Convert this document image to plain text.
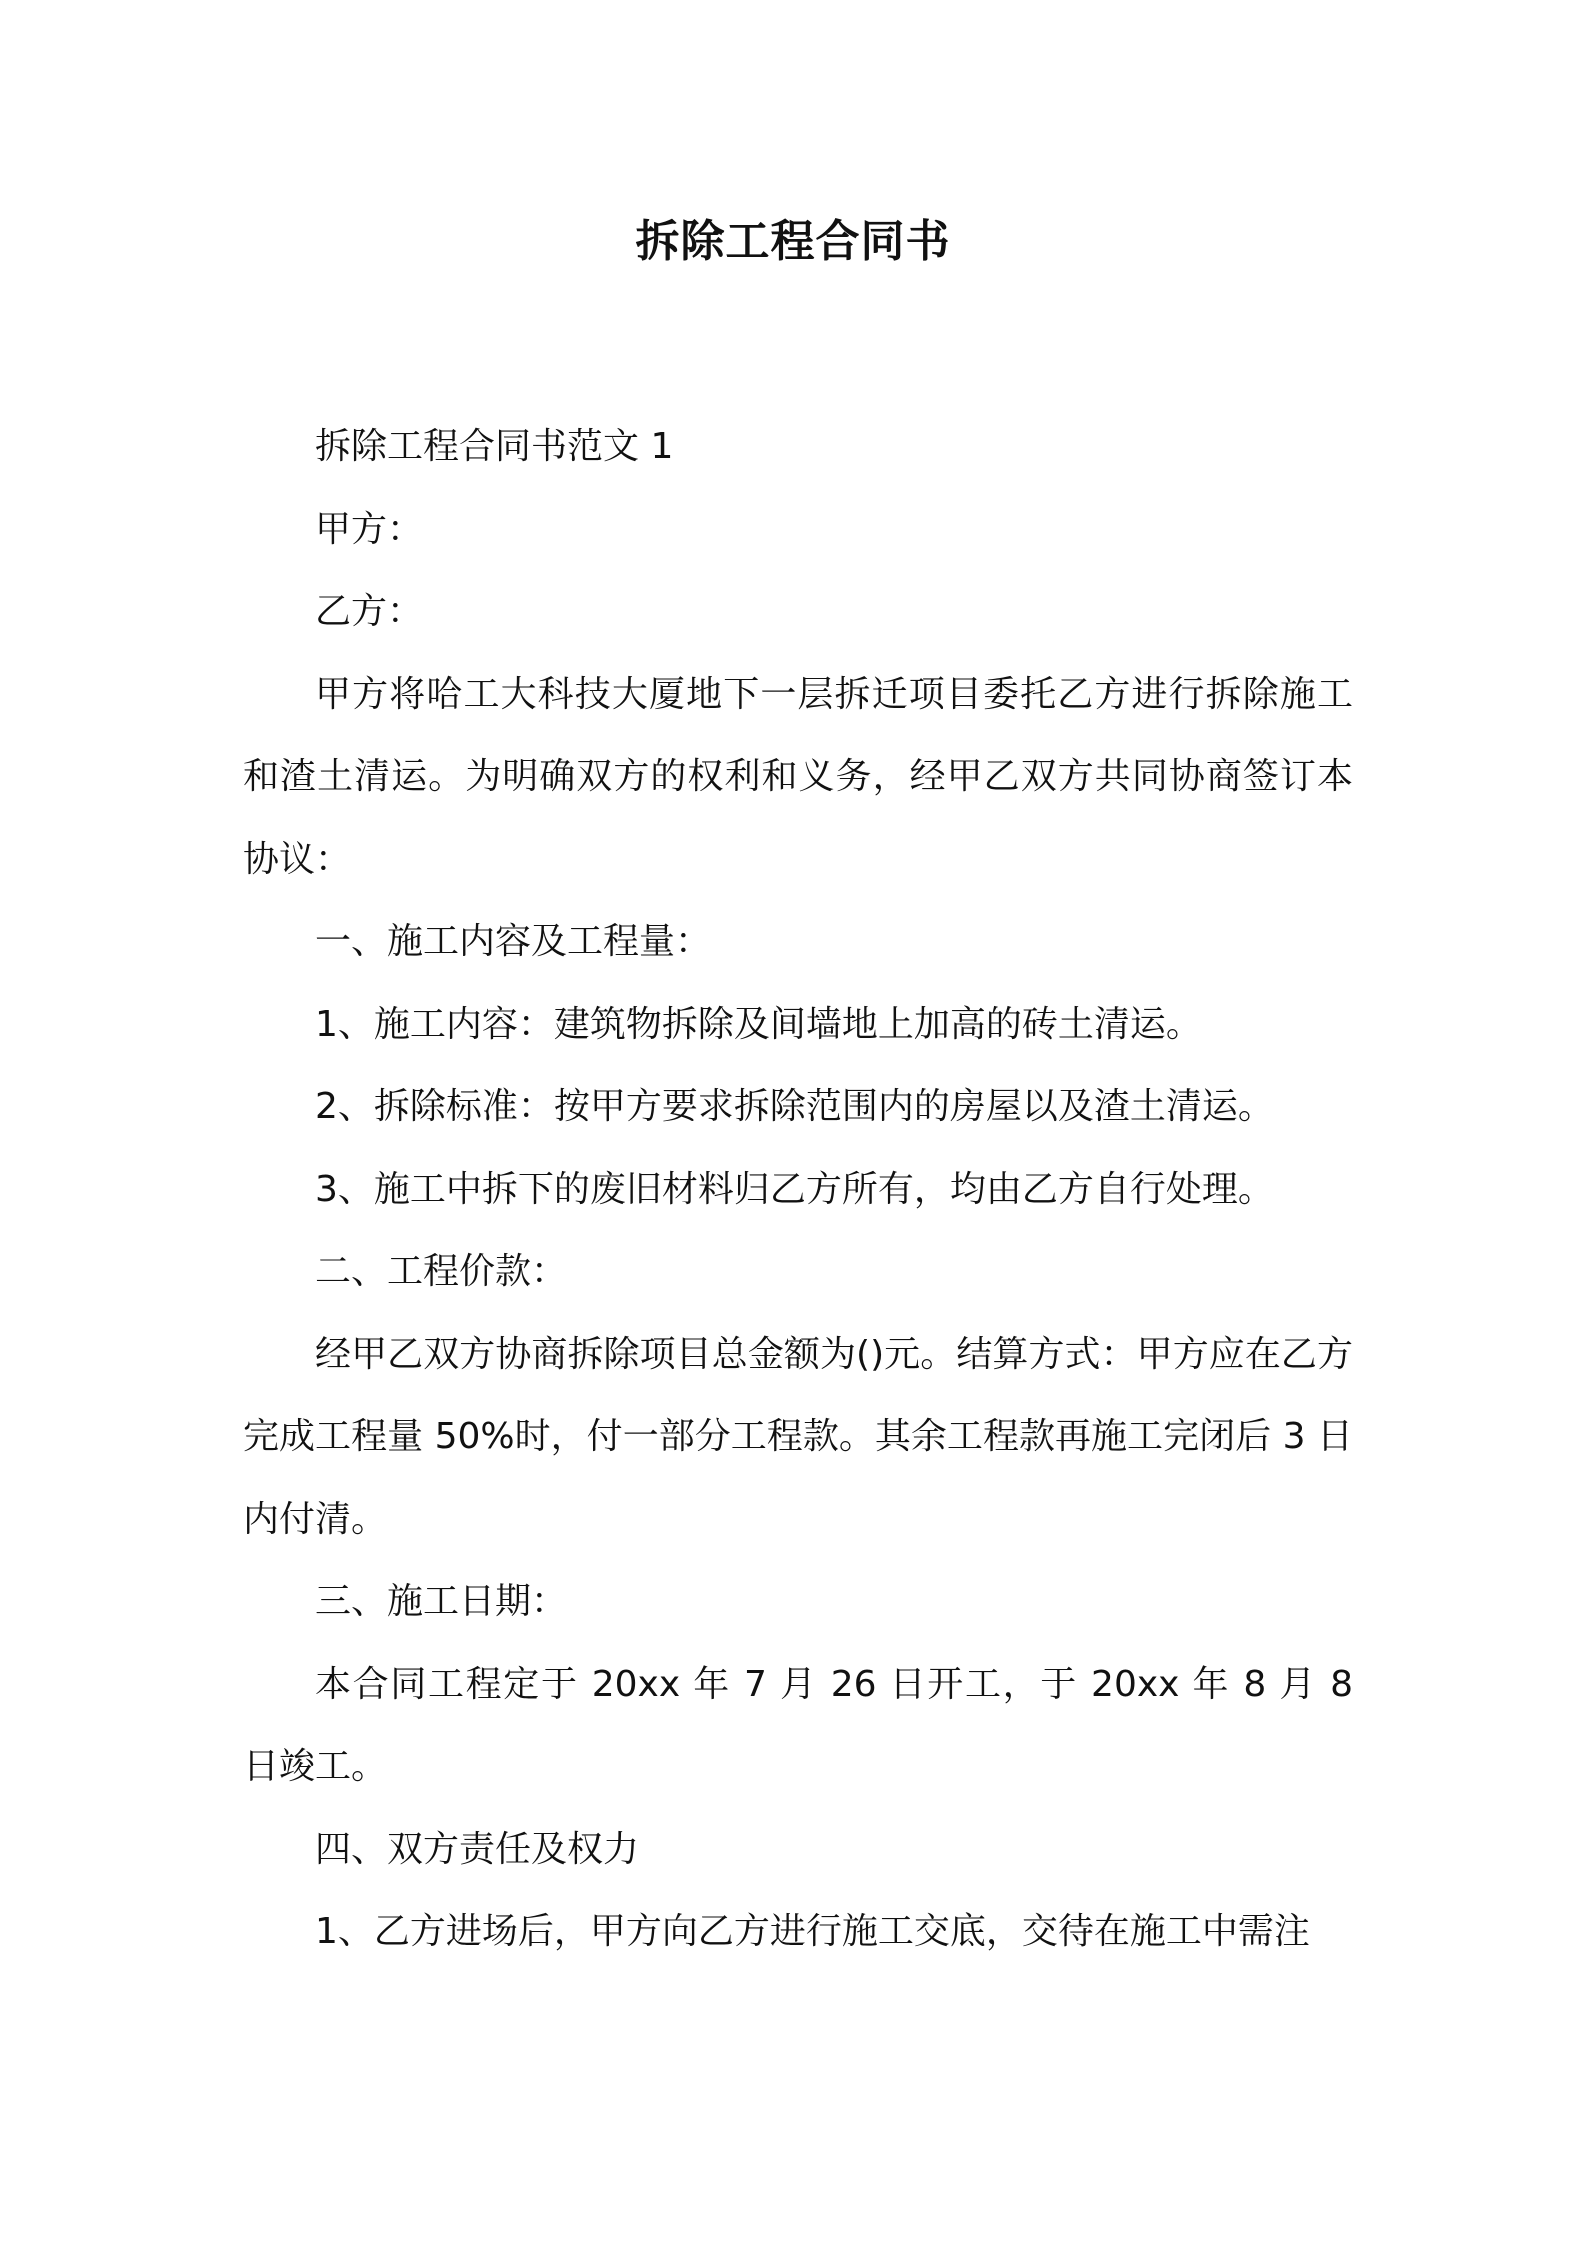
拆除工程合同书

拆除工程合同书范文 1

甲方：

乙方：

甲方将哈工大科技大厦地下一层拆迁项目委托乙方进行拆除施工和渣土清运。为明确双方的权利和义务，经甲乙双方共同协商签订本协议：

一、施工内容及工程量：

1、施工内容：建筑物拆除及间墙地上加高的砖土清运。

2、拆除标准：按甲方要求拆除范围内的房屋以及渣土清运。

3、施工中拆下的废旧材料归乙方所有，均由乙方自行处理。

二、工程价款：

经甲乙双方协商拆除项目总金额为()元。结算方式：甲方应在乙方完成工程量 50%时，付一部分工程款。其余工程款再施工完闭后 3 日内付清。

三、施工日期：

本合同工程定于 20xx 年 7 月 26 日开工，于 20xx 年 8 月 8 日竣工。

四、双方责任及权力

1、乙方进场后，甲方向乙方进行施工交底，交待在施工中需注
